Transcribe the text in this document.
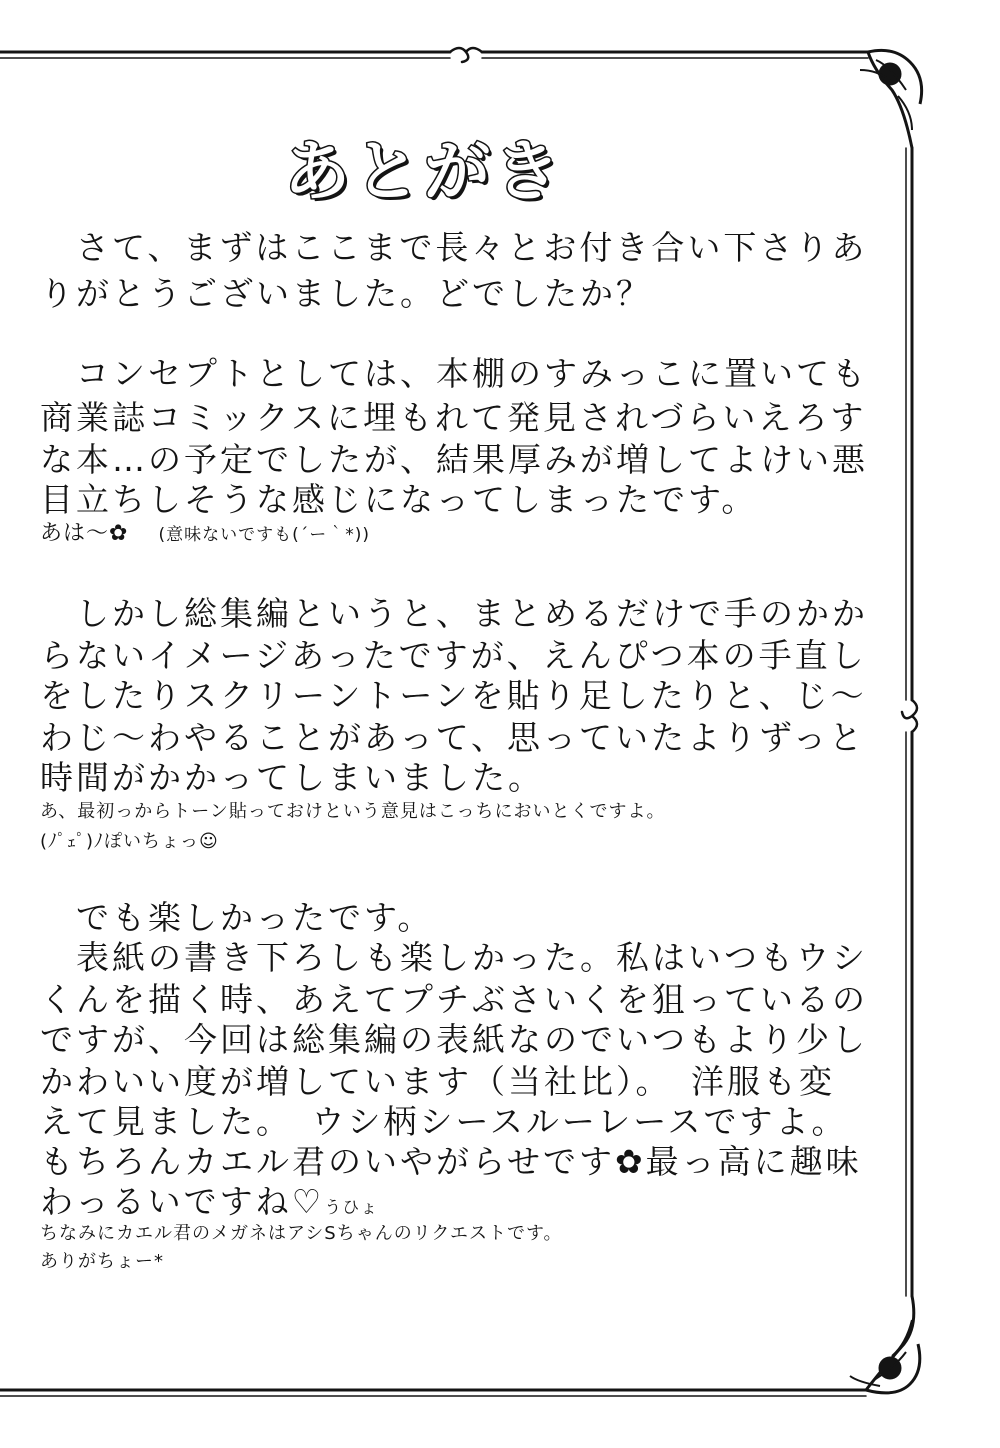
あとがき
　さて、まずはここまで長々とお付き合い下さりあ
りがとうございました。どでしたか？
　コンセプトとしては、本棚のすみっこに置いても
商業誌コミックスに埋もれて発見されづらいえろす
な本…の予定でしたが、結果厚みが増してよけい悪
目立ちしそうな感じになってしまったです。
あは～✿ (意味ないですも(´ー｀*))
　しかし総集編というと、まとめるだけで手のかか
らないイメージあったですが、えんぴつ本の手直し
をしたりスクリーントーンを貼り足したりと、じ～
わじ～わやることがあって、思っていたよりずっと
時間がかかってしまいました。
あ、最初っからトーン貼っておけという意見はこっちにおいとくですよ。
(ﾉﾟｪﾟ)ﾉぽいちょっ☺
　でも楽しかったです。
　表紙の書き下ろしも楽しかった。私はいつもウシ
くんを描く時、あえてプチぶさいくを狙っているの
ですが、今回は総集編の表紙なのでいつもより少し
かわいい度が増しています（当社比）。　洋服も変
えて見ました。　ウシ柄シースルーレースですよ。
もちろんカエル君のいやがらせです✿最っ高に趣味
わっるいですね♡うひょ
ちなみにカエル君のメガネはアシSちゃんのリクエストです。
ありがちょー*
